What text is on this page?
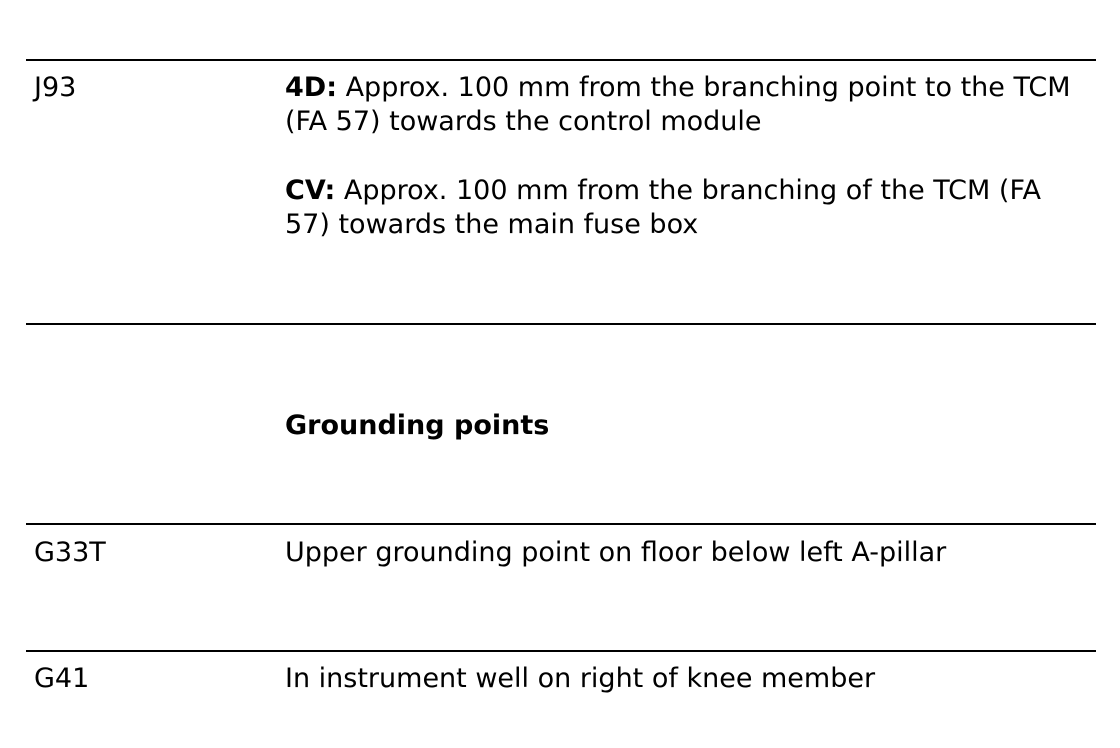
J93	4D: Approx. 100 mm from the branching point to the TCM (FA 57) towards the control module

CV: Approx. 100 mm from the branching of the TCM (FA 57) towards the main fuse box

Grounding points
G33T	Upper grounding point on floor below left A-pillar
G41	In instrument well on right of knee member
